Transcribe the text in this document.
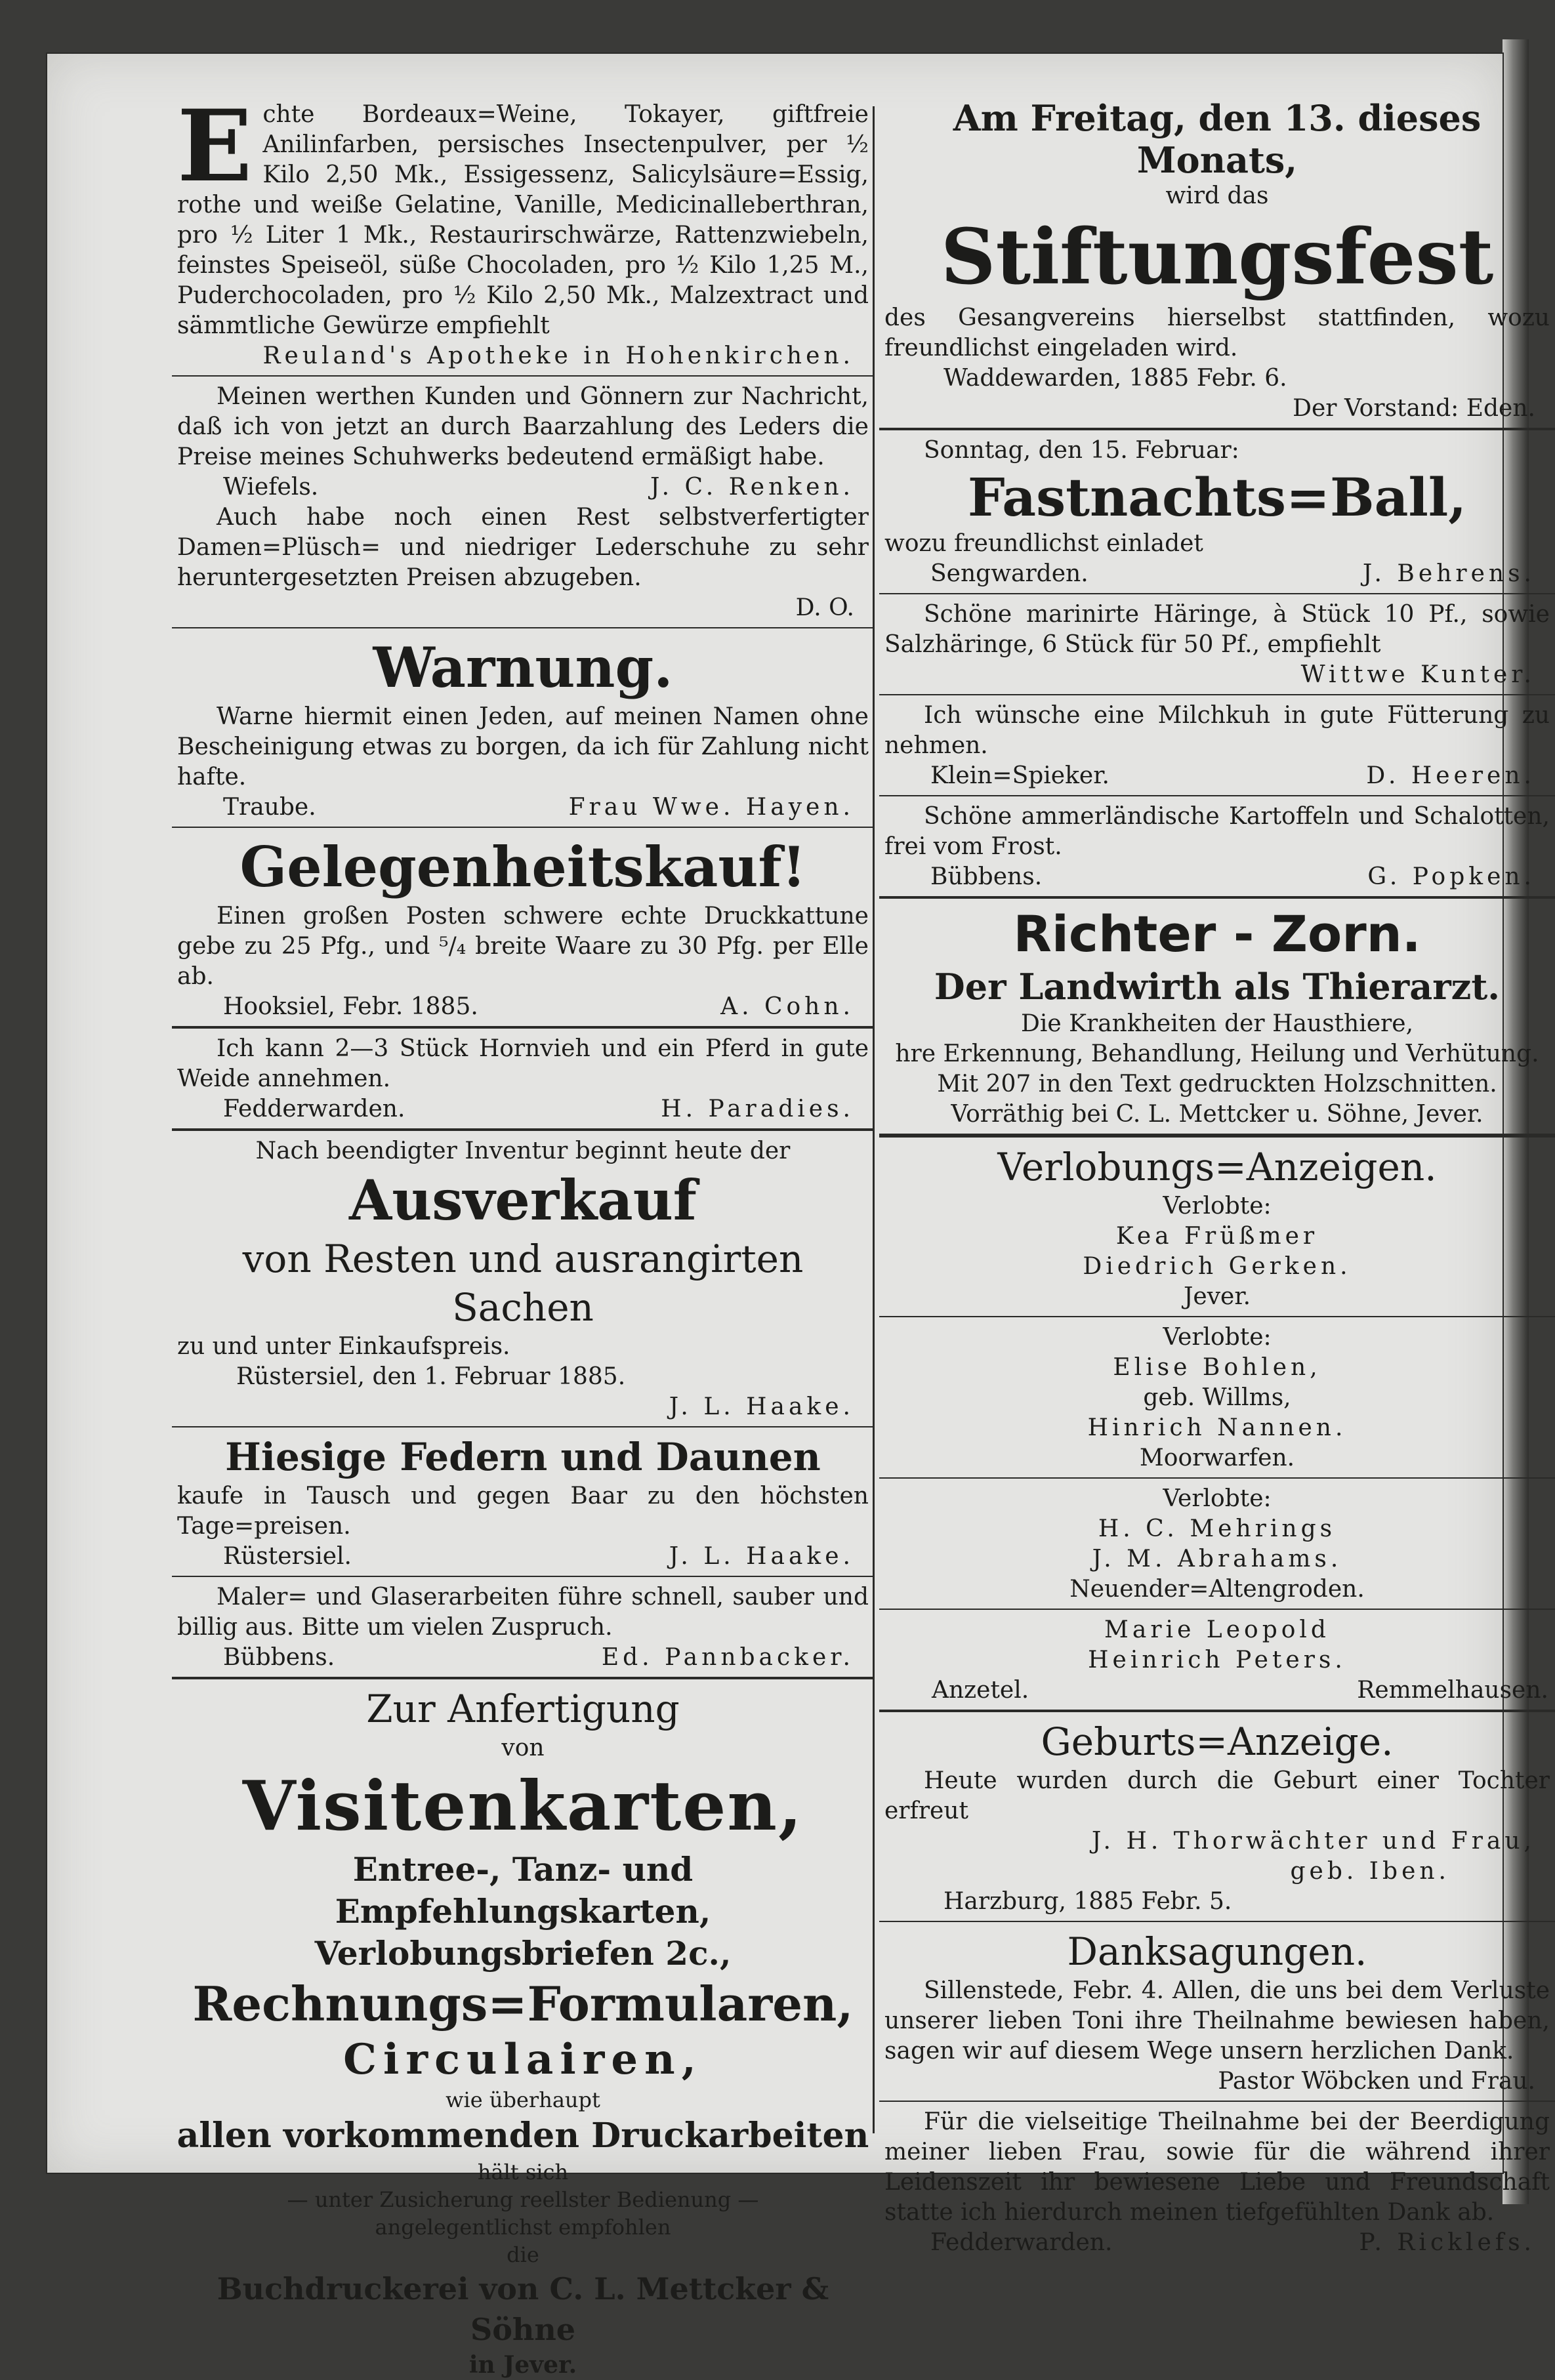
E chte Bordeaux=Weine, Tokayer, giftfreie Anilinfarben, persisches Insectenpulver, per ½ Kilo 2,50 Mk., Essigessenz, Salicylsäure=Essig, rothe und weiße Gelatine, Vanille, Medicinalleberthran, pro ½ Liter 1 Mk., Restaurirschwärze, Rattenzwiebeln, feinstes Speiseöl, süße Chocoladen, pro ½ Kilo 1,25 M., Puderchocoladen, pro ½ Kilo 2,50 Mk., Malzextract und sämmtliche Gewürze empfiehlt

Reuland's Apotheke in Hohenkirchen.

Meinen werthen Kunden und Gönnern zur Nachricht, daß ich von jetzt an durch Baarzahlung des Leders die Preise meines Schuhwerks bedeutend ermäßigt habe.

Wiefels.	J. C. Renken.

Auch habe noch einen Rest selbstverfertigter Damen=Plüsch= und niedriger Lederschuhe zu sehr heruntergesetzten Preisen abzugeben.

D. O.
Warnung.

Warne hiermit einen Jeden, auf meinen Namen ohne Bescheinigung etwas zu borgen, da ich für Zahlung nicht hafte.

Traube.	Frau Wwe. Hayen.
Gelegenheitskauf!

Einen großen Posten schwere echte Druckkattune gebe zu 25 Pfg., und ⁵/₄ breite Waare zu 30 Pfg. per Elle ab.

Hooksiel, Febr. 1885.	A. Cohn.

Ich kann 2—3 Stück Hornvieh und ein Pferd in gute Weide annehmen.

Fedderwarden.	H. Paradies.

Nach beendigter Inventur beginnt heute der

Ausverkauf
von Resten und ausrangirten Sachen

zu und unter Einkaufspreis.

Rüstersiel, den 1. Februar 1885.

J. L. Haake.
Hiesige Federn und Daunen

kaufe in Tausch und gegen Baar zu den höchsten Tage=preisen.

Rüstersiel.	J. L. Haake.

Maler= und Glaserarbeiten führe schnell, sauber und billig aus. Bitte um vielen Zuspruch.

Bübbens.	Ed. Pannbacker.
Zur Anfertigung
von
Visitenkarten,
Entree-, Tanz- und Empfehlungskarten,
Verlobungsbriefen 2c.,
Rechnungs=Formularen,
Circulairen,
wie überhaupt
allen vorkommenden Druckarbeiten
hält sich
— unter Zusicherung reellster Bedienung —
angelegentlichst empfohlen
die
Buchdruckerei von C. L. Mettcker & Söhne
in Jever.
Am Freitag, den 13. dieses Monats,
wird das
Stiftungsfest

des Gesangvereins hierselbst stattfinden, wozu freundlichst eingeladen wird.

Waddewarden, 1885 Febr. 6.

Der Vorstand: Eden.

Sonntag, den 15. Februar:

Fastnachts=Ball,

wozu freundlichst einladet

Sengwarden.	J. Behrens.

Schöne marinirte Häringe, à Stück 10 Pf., sowie Salzhäringe, 6 Stück für 50 Pf., empfiehlt

Wittwe Kunter.

Ich wünsche eine Milchkuh in gute Fütterung zu nehmen.

Klein=Spieker.	D. Heeren.

Schöne ammerländische Kartoffeln und Schalotten, frei vom Frost.

Bübbens.	G. Popken.
Richter - Zorn.
Der Landwirth als Thierarzt.
Die Krankheiten der Hausthiere,
hre Erkennung, Behandlung, Heilung und Verhütung.
Mit 207 in den Text gedruckten Holzschnitten.
Vorräthig bei C. L. Mettcker u. Söhne, Jever.
Verlobungs=Anzeigen.
Verlobte:
Kea Früßmer
Diedrich Gerken.
Jever.
Verlobte:
Elise Bohlen,
geb. Willms,
Hinrich Nannen.
Moorwarfen.
Verlobte:
H. C. Mehrings
J. M. Abrahams.
Neuender=Altengroden.
Marie Leopold
Heinrich Peters.
Anzetel.	Remmelhausen.
Geburts=Anzeige.

Heute wurden durch die Geburt einer Tochter erfreut

J. H. Thorwächter und Frau,
geb. Iben.

Harzburg, 1885 Febr. 5.

Danksagungen.

Sillenstede, Febr. 4. Allen, die uns bei dem Verluste unserer lieben Toni ihre Theilnahme bewiesen haben, sagen wir auf diesem Wege unsern herzlichen Dank.

Pastor Wöbcken und Frau.

Für die vielseitige Theilnahme bei der Beerdigung meiner lieben Frau, sowie für die während ihrer Leidenszeit ihr bewiesene Liebe und Freundschaft statte ich hierdurch meinen tiefgefühlten Dank ab.

Fedderwarden.	P. Ricklefs.
